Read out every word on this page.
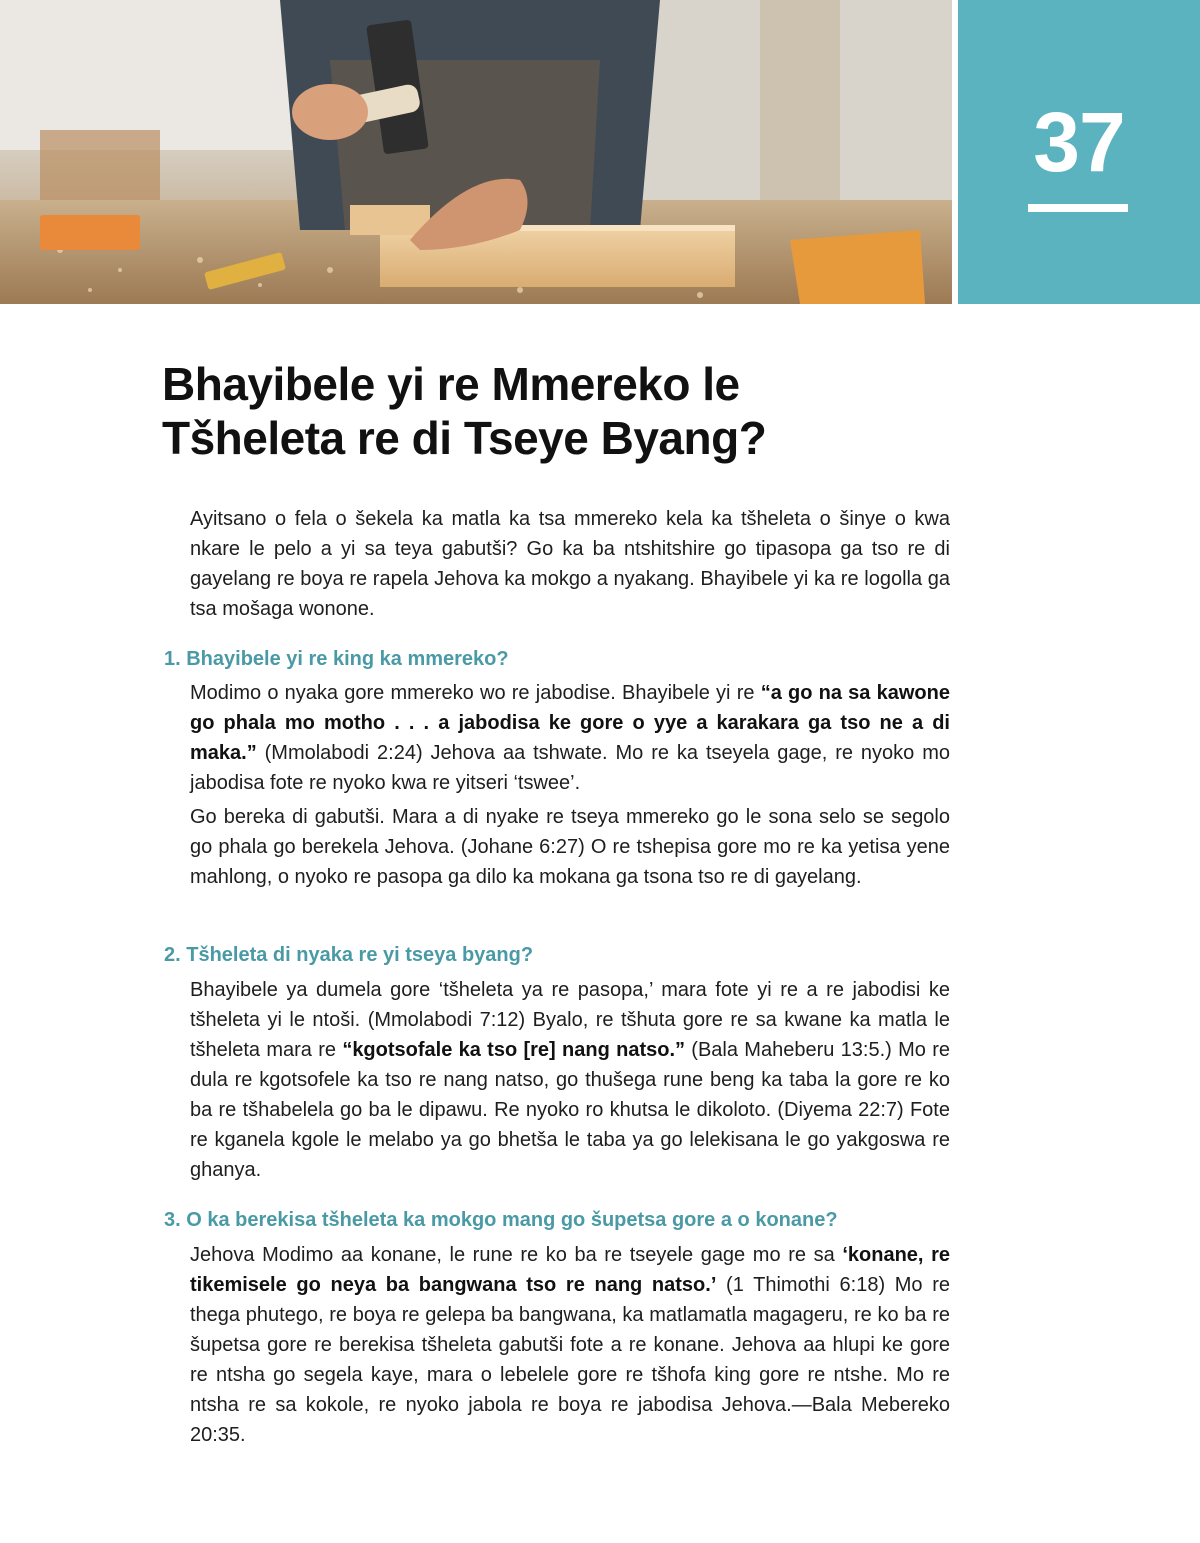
37
Bhayibele yi re Mmereko le
Tšheleta re di Tseye Byang?

Ayitsano o fela o šekela ka matla ka tsa mmereko kela ka tšheleta o šinye o kwa nkare le pelo a yi sa teya gabutši? Go ka ba ntshitshire go tipasopa ga tso re di gayelang re boya re rapela Jehova ka mokgo a nyakang. Bhayibele yi ka re logolla ga tsa mošaga wonone.

1. Bhayibele yi re king ka mmereko?

Modimo o nyaka gore mmereko wo re jabodise. Bhayibele yi re “a go na sa kawone go phala mo motho . . . a jabodisa ke gore o yye a karakara ga tso ne a di maka.” (Mmolabodi 2:24) Jehova aa tshwate. Mo re ka tseyela gage, re nyoko mo jabodisa fote re nyoko kwa re yitseri ‘tswee’.

Go bereka di gabutši. Mara a di nyake re tseya mmereko go le sona selo se segolo go phala go berekela Jehova. (Johane 6:27) O re tshepisa gore mo re ka yetisa yene mahlong, o nyoko re pasopa ga dilo ka mokana ga tsona tso re di gayelang.

2. Tšheleta di nyaka re yi tseya byang?

Bhayibele ya dumela gore ‘tšheleta ya re pasopa,’ mara fote yi re a re jabodisi ke tšheleta yi le ntoši. (Mmolabodi 7:12) Byalo, re tšhuta gore re sa kwane ka matla le tšheleta mara re “kgotsofale ka tso [re] nang natso.” (Bala Maheberu 13:5.) Mo re dula re kgotsofele ka tso re nang natso, go thušega rune beng ka taba la gore re ko ba re tšhabelela go ba le dipawu. Re nyoko ro khutsa le dikoloto. (Diyema 22:7) Fote re kganela kgole le melabo ya go bhetša le taba ya go lelekisana le go yakgoswa re ghanya.

3. O ka berekisa tšheleta ka mokgo mang go šupetsa gore a o konane?

Jehova Modimo aa konane, le rune re ko ba re tseyele gage mo re sa ‘konane, re tikemisele go neya ba bangwana tso re nang natso.’ (1 Thimothi 6:18) Mo re thega phutego, re boya re gelepa ba bangwana, ka matlamatla magageru, re ko ba re šupetsa gore re berekisa tšheleta gabutši fote a re konane. Jehova aa hlupi ke gore re ntsha go segela kaye, mara o lebelele gore re tšhofa king gore re ntshe. Mo re ntsha re sa kokole, re nyoko jabola re boya re jabodisa Jehova.—Bala Mebereko 20:35.
